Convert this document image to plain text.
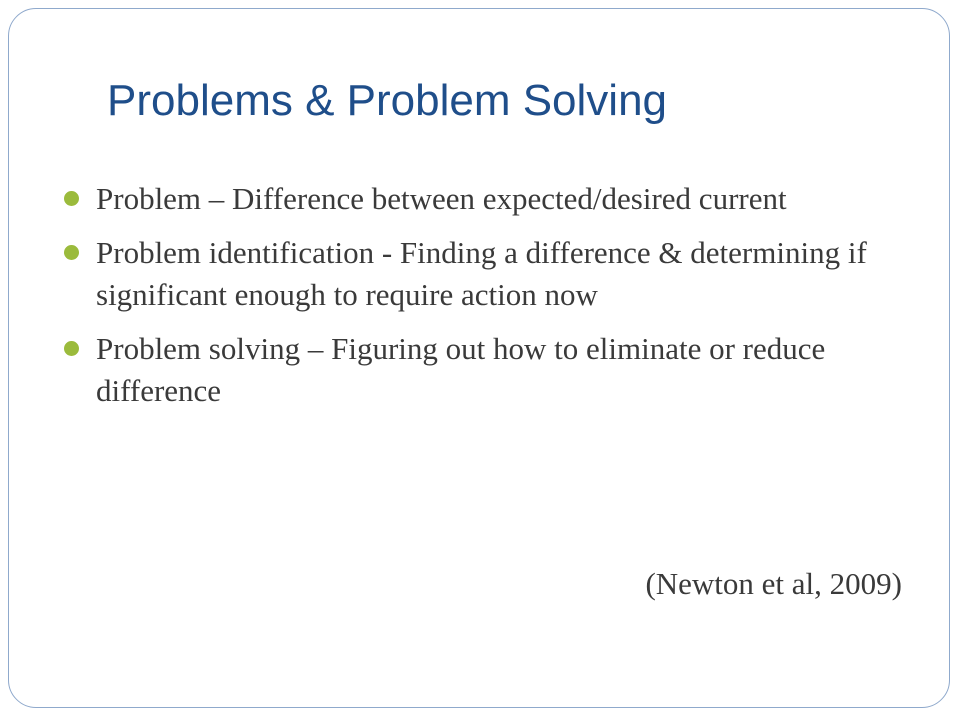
Problems & Problem Solving
Problem – Difference between expected/desired current
Problem identification - Finding a difference & determining if significant enough to require action now
Problem solving – Figuring out how to eliminate or reduce difference
(Newton et al, 2009)
